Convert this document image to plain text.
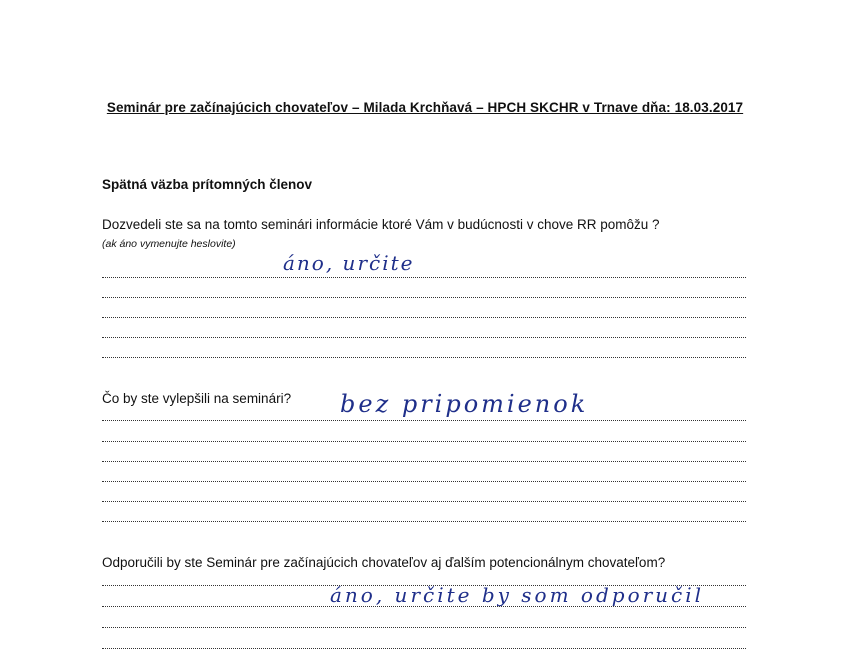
Seminár pre začínajúcich chovateľov – Milada Krchňavá – HPCH SKCHR v Trnave dňa: 18.03.2017
Spätná väzba prítomných členov
Dozvedeli ste sa na tomto seminári informácie ktoré Vám v budúcnosti v chove RR pomôžu ?
(ak áno vymenujte heslovite)
áno, určite
Čo by ste vylepšili na seminári? bez pripomienok
Odporučili by ste Seminár pre začínajúcich chovateľov aj ďalším potencionálnym chovateľom?
áno, určite by som odporučil
